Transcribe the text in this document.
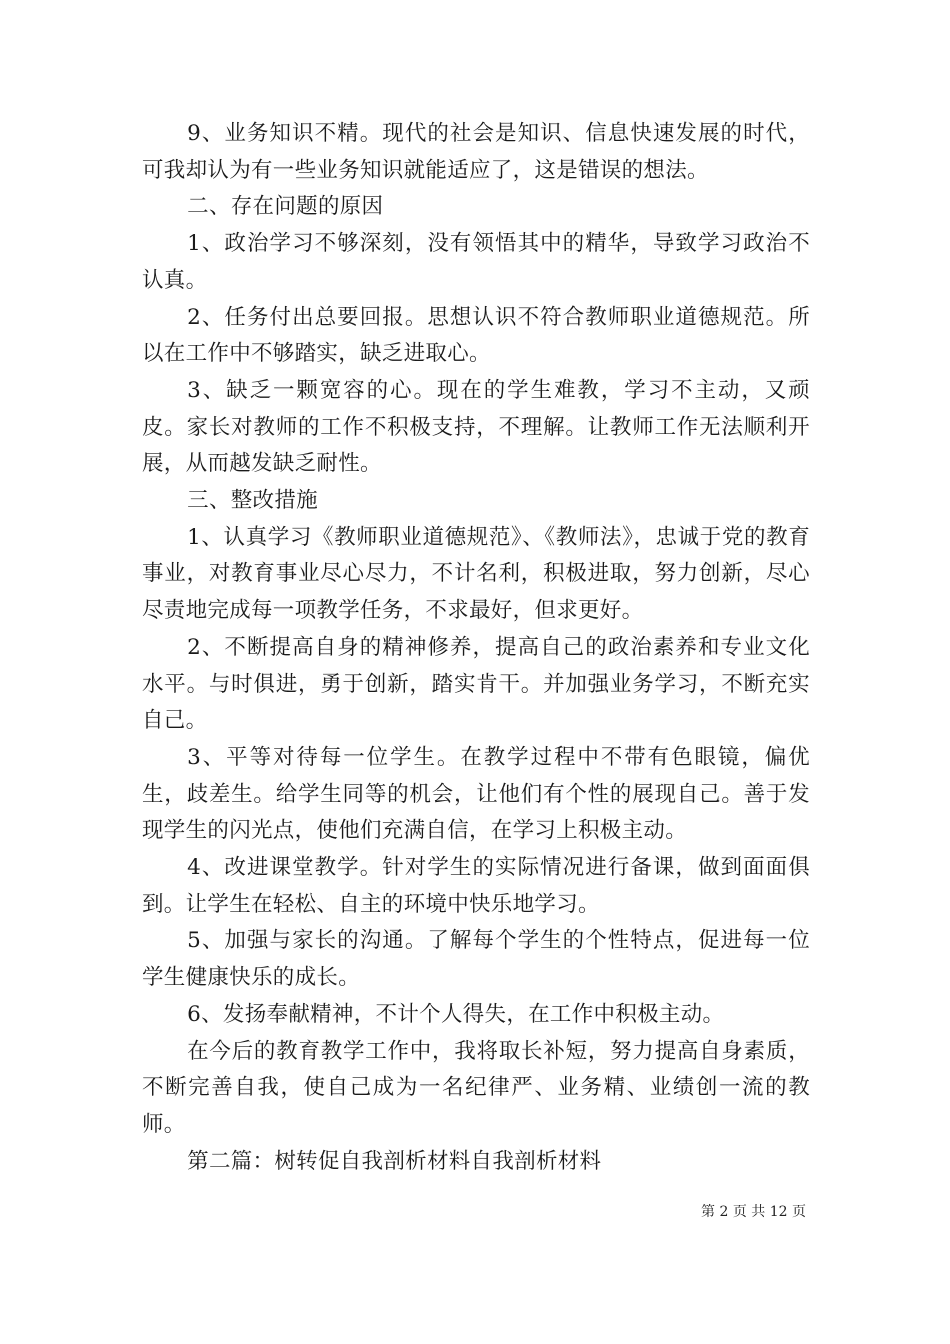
9、业务知识不精。现代的社会是知识、信息快速发展的时代，可我却认为有一些业务知识就能适应了，这是错误的想法。

二、存在问题的原因

1、政治学习不够深刻，没有领悟其中的精华，导致学习政治不认真。

2、任务付出总要回报。思想认识不符合教师职业道德规范。所以在工作中不够踏实，缺乏进取心。

3、缺乏一颗宽容的心。现在的学生难教，学习不主动，又顽皮。家长对教师的工作不积极支持，不理解。让教师工作无法顺利开展，从而越发缺乏耐性。

三、整改措施

1、认真学习《教师职业道德规范》、《教师法》，忠诚于党的教育事业，对教育事业尽心尽力，不计名利，积极进取，努力创新，尽心尽责地完成每一项教学任务，不求最好，但求更好。

2、不断提高自身的精神修养，提高自己的政治素养和专业文化水平。与时俱进，勇于创新，踏实肯干。并加强业务学习，不断充实自己。

3、平等对待每一位学生。在教学过程中不带有色眼镜，偏优生，歧差生。给学生同等的机会，让他们有个性的展现自己。善于发现学生的闪光点，使他们充满自信，在学习上积极主动。

4、改进课堂教学。针对学生的实际情况进行备课，做到面面俱到。让学生在轻松、自主的环境中快乐地学习。

5、加强与家长的沟通。了解每个学生的个性特点，促进每一位学生健康快乐的成长。

6、发扬奉献精神，不计个人得失，在工作中积极主动。

在今后的教育教学工作中，我将取长补短，努力提高自身素质，不断完善自我，使自己成为一名纪律严、业务精、业绩创一流的教师。

第二篇：树转促自我剖析材料自我剖析材料

第 2 页 共 12 页
